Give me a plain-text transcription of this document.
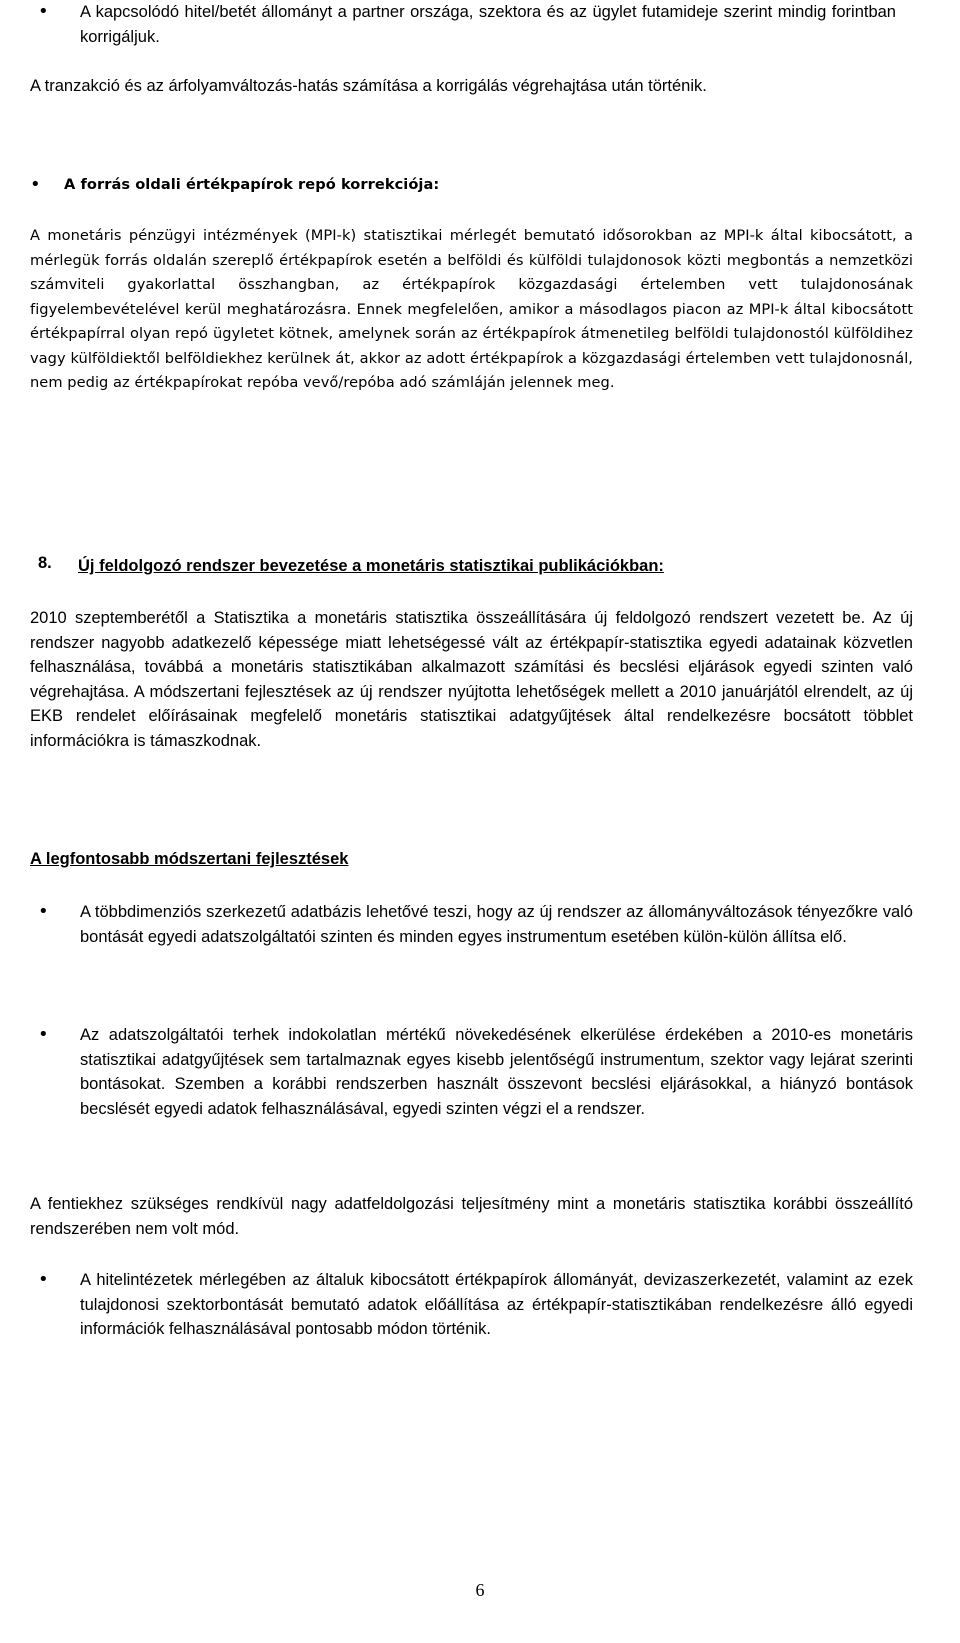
• A kapcsolódó hitel/betét állományt a partner országa, szektora és az ügylet futamideje szerint mindig forintban korrigáljuk.

A tranzakció és az árfolyamváltozás-hatás számítása a korrigálás végrehajtása után történik.

• A forrás oldali értékpapírok repó korrekciója:

A monetáris pénzügyi intézmények (MPI-k) statisztikai mérlegét bemutató idősorokban az MPI-k által kibocsátott, a mérlegük forrás oldalán szereplő értékpapírok esetén a belföldi és külföldi tulajdonosok közti megbontás a nemzetközi számviteli gyakorlattal összhangban, az értékpapírok közgazdasági értelemben vett tulajdonosának figyelembevételével kerül meghatározásra. Ennek megfelelően, amikor a másodlagos piacon az MPI-k által kibocsátott értékpapírral olyan repó ügyletet kötnek, amelynek során az értékpapírok átmenetileg belföldi tulajdonostól külföldihez vagy külföldiektől belföldiekhez kerülnek át, akkor az adott értékpapírok a közgazdasági értelemben vett tulajdonosnál, nem pedig az értékpapírokat repóba vevő/repóba adó számláján jelennek meg.

8. Új feldolgozó rendszer bevezetése a monetáris statisztikai publikációkban:

2010 szeptemberétől a Statisztika a monetáris statisztika összeállítására új feldolgozó rendszert vezetett be. Az új rendszer nagyobb adatkezelő képessége miatt lehetségessé vált az értékpapír-statisztika egyedi adatainak közvetlen felhasználása, továbbá a monetáris statisztikában alkalmazott számítási és becslési eljárások egyedi szinten való végrehajtása. A módszertani fejlesztések az új rendszer nyújtotta lehetőségek mellett a 2010 januárjától elrendelt, az új EKB rendelet előírásainak megfelelő monetáris statisztikai adatgyűjtések által rendelkezésre bocsátott többlet információkra is támaszkodnak.

A legfontosabb módszertani fejlesztések

• A többdimenziós szerkezetű adatbázis lehetővé teszi, hogy az új rendszer az állományváltozások tényezőkre való bontását egyedi adatszolgáltatói szinten és minden egyes instrumentum esetében külön-külön állítsa elő.

• Az adatszolgáltatói terhek indokolatlan mértékű növekedésének elkerülése érdekében a 2010-es monetáris statisztikai adatgyűjtések sem tartalmaznak egyes kisebb jelentőségű instrumentum, szektor vagy lejárat szerinti bontásokat. Szemben a korábbi rendszerben használt összevont becslési eljárásokkal, a hiányzó bontások becslését egyedi adatok felhasználásával, egyedi szinten végzi el a rendszer.

A fentiekhez szükséges rendkívül nagy adatfeldolgozási teljesítmény mint a monetáris statisztika korábbi összeállító rendszerében nem volt mód.

• A hitelintézetek mérlegében az általuk kibocsátott értékpapírok állományát, devizaszerkezetét, valamint az ezek tulajdonosi szektorbontását bemutató adatok előállítása az értékpapír-statisztikában rendelkezésre álló egyedi információk felhasználásával pontosabb módon történik.

6
